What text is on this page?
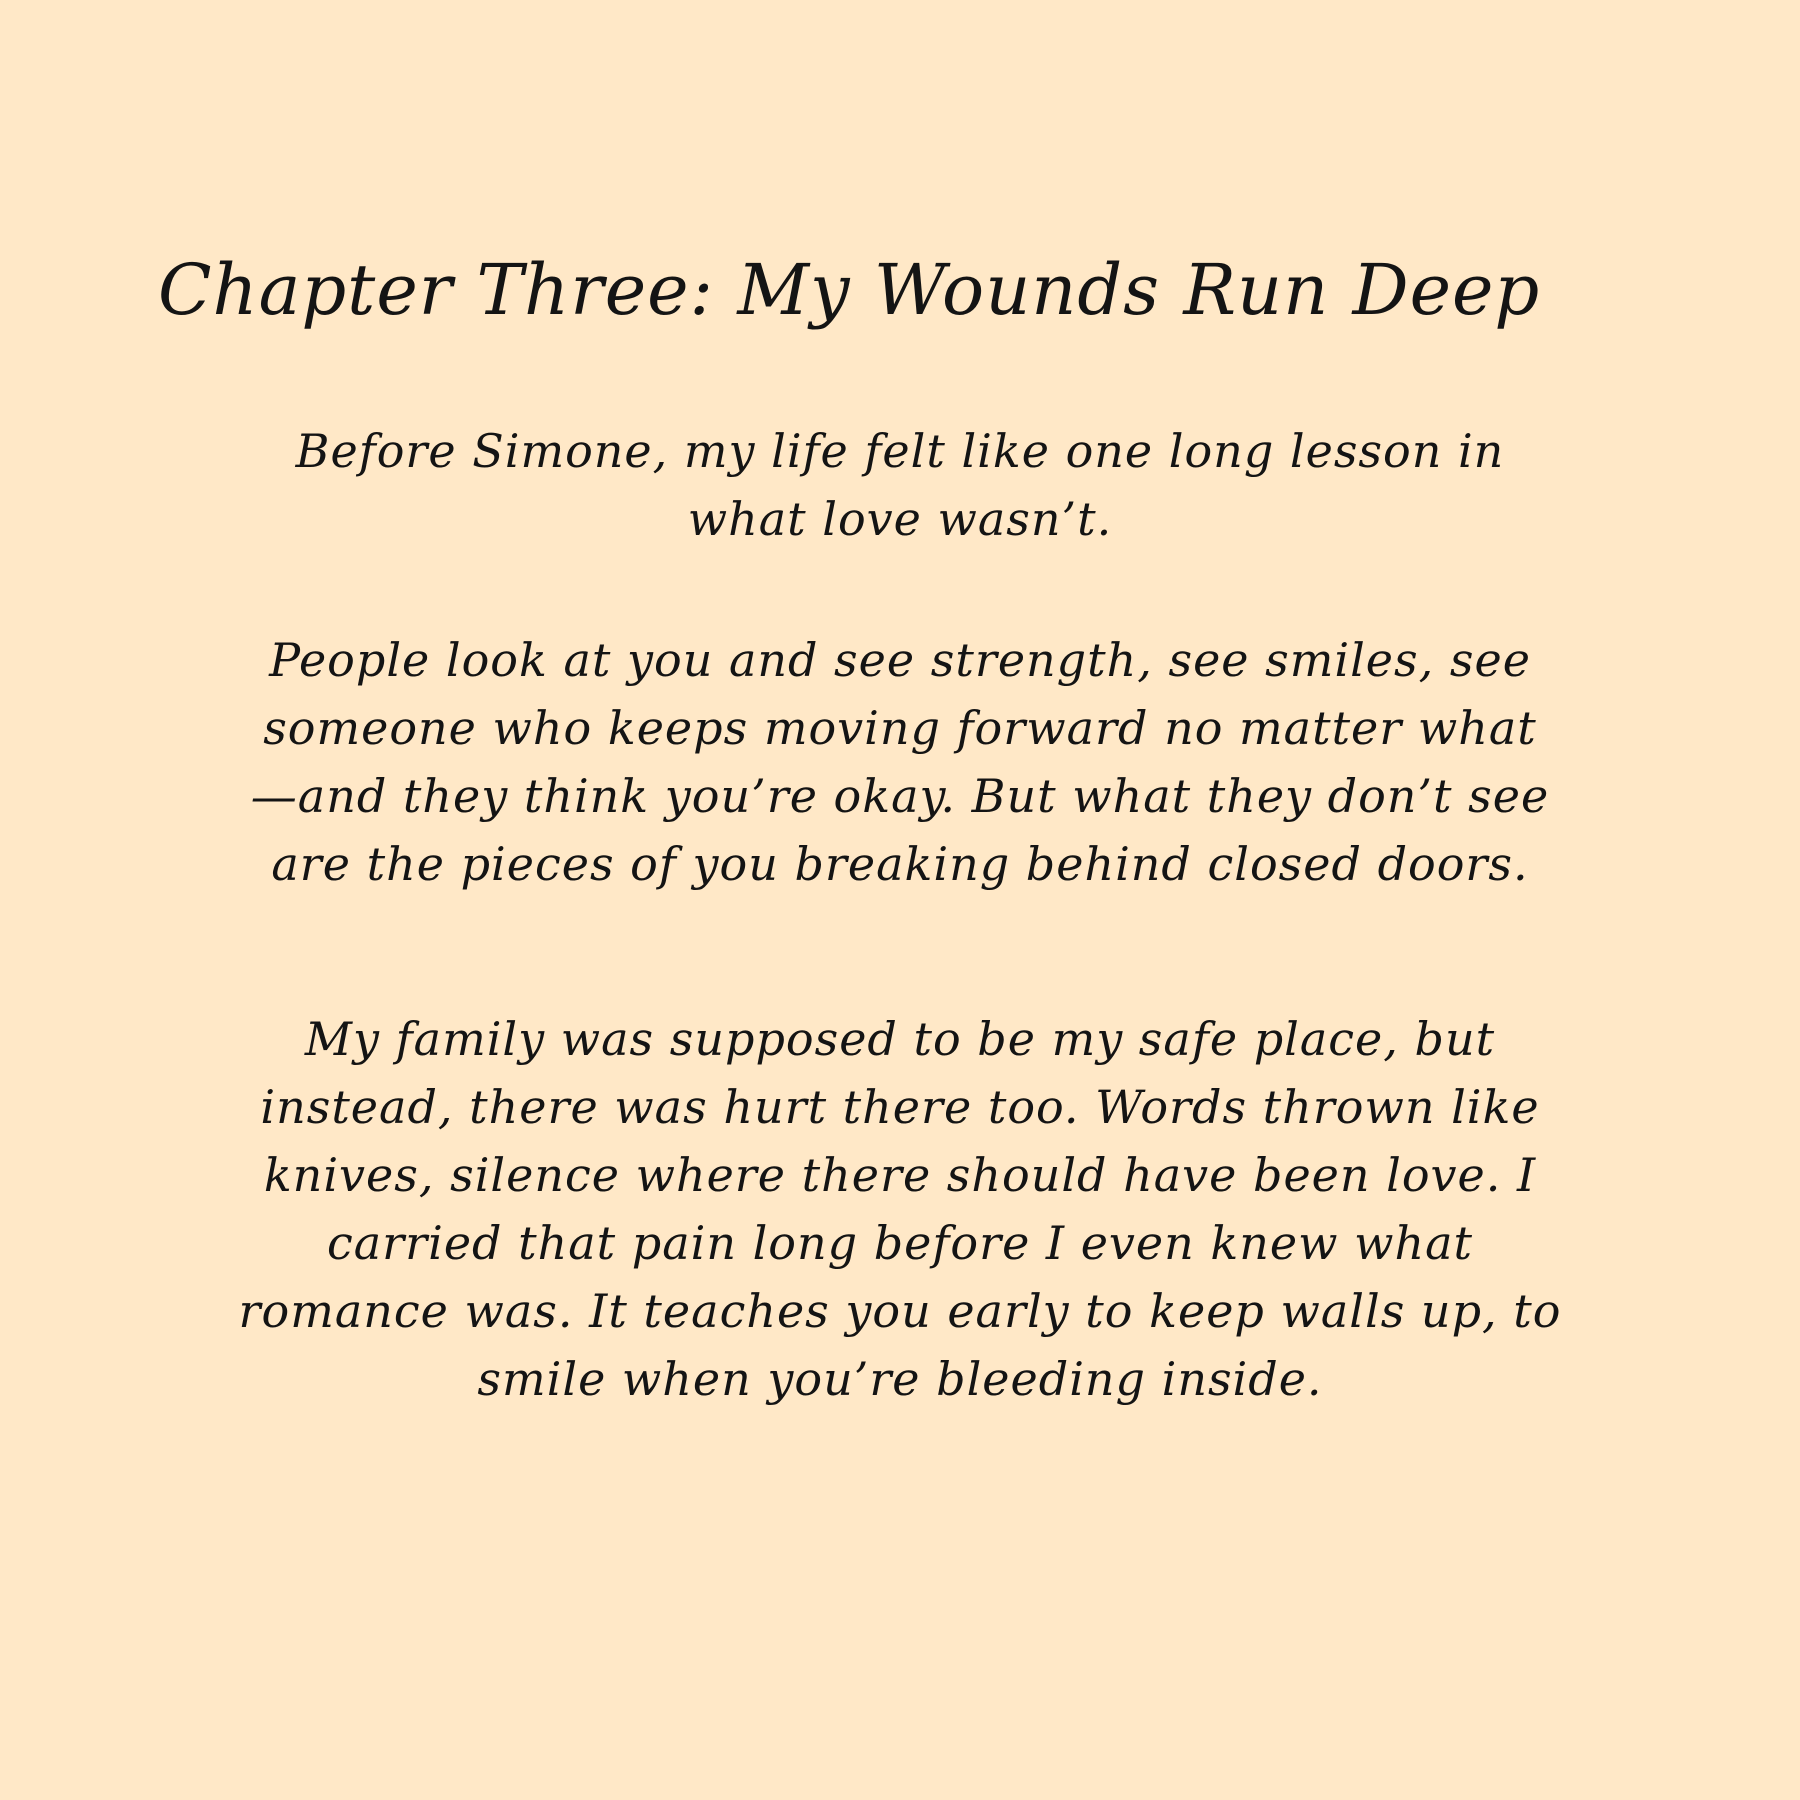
Chapter Three: My Wounds Run Deep

Before Simone, my life felt like one long lesson in
what love wasn’t.

People look at you and see strength, see smiles, see
someone who keeps moving forward no matter what
—and they think you’re okay. But what they don’t see
are the pieces of you breaking behind closed doors.

My family was supposed to be my safe place, but
instead, there was hurt there too. Words thrown like
knives, silence where there should have been love. I
carried that pain long before I even knew what
romance was. It teaches you early to keep walls up, to
smile when you’re bleeding inside.
